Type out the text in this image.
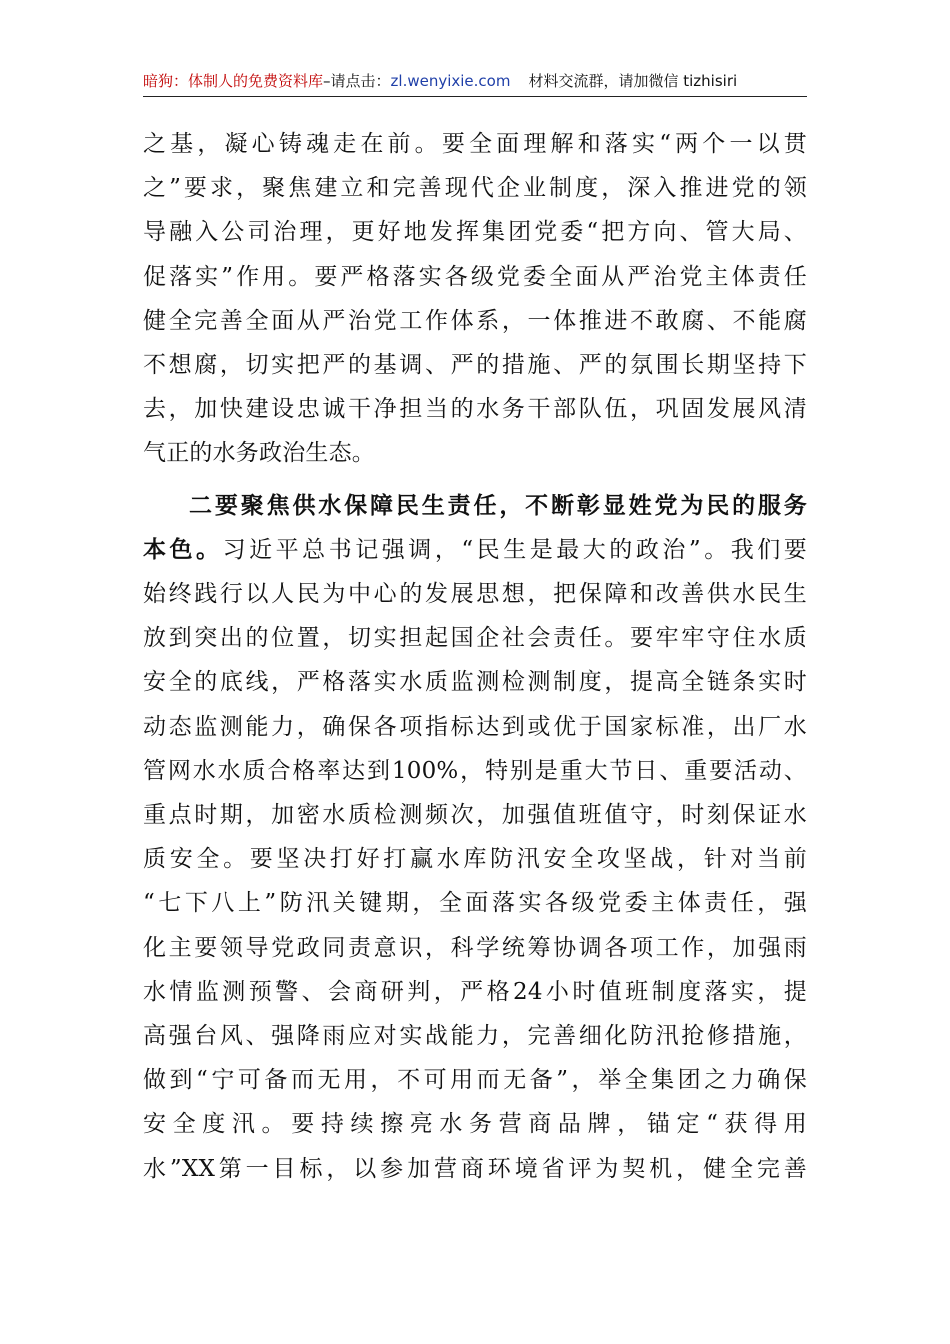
暗狗：体制人的免费资料库–请点击：zl.wenyixie.com 材料交流群，请加微信 tizhisiri

之基，凝心铸魂走在前。要全面理解和落实“两个一以贯
之”要求，聚焦建立和完善现代企业制度，深入推进党的领
导融入公司治理，更好地发挥集团党委“把方向、管大局、
促落实”作用。要严格落实各级党委全面从严治党主体责任
健全完善全面从严治党工作体系，一体推进不敢腐、不能腐
不想腐，切实把严的基调、严的措施、严的氛围长期坚持下
去，加快建设忠诚干净担当的水务干部队伍，巩固发展风清
气正的水务政治生态。

二要聚焦供水保障民生责任，不断彰显姓党为民的服务
本色。习近平总书记强调，“民生是最大的政治”。我们要
始终践行以人民为中心的发展思想，把保障和改善供水民生
放到突出的位置，切实担起国企社会责任。要牢牢守住水质
安全的底线，严格落实水质监测检测制度，提高全链条实时
动态监测能力，确保各项指标达到或优于国家标准，出厂水
管网水水质合格率达到100%，特别是重大节日、重要活动、
重点时期，加密水质检测频次，加强值班值守，时刻保证水
质安全。要坚决打好打赢水库防汛安全攻坚战，针对当前
“七下八上”防汛关键期，全面落实各级党委主体责任，强
化主要领导党政同责意识，科学统筹协调各项工作，加强雨
水情监测预警、会商研判，严格24小时值班制度落实，提
高强台风、强降雨应对实战能力，完善细化防汛抢修措施，
做到“宁可备而无用，不可用而无备”，举全集团之力确保
安全度汛。要持续擦亮水务营商品牌，锚定“获得用
水”XX第一目标，以参加营商环境省评为契机，健全完善
